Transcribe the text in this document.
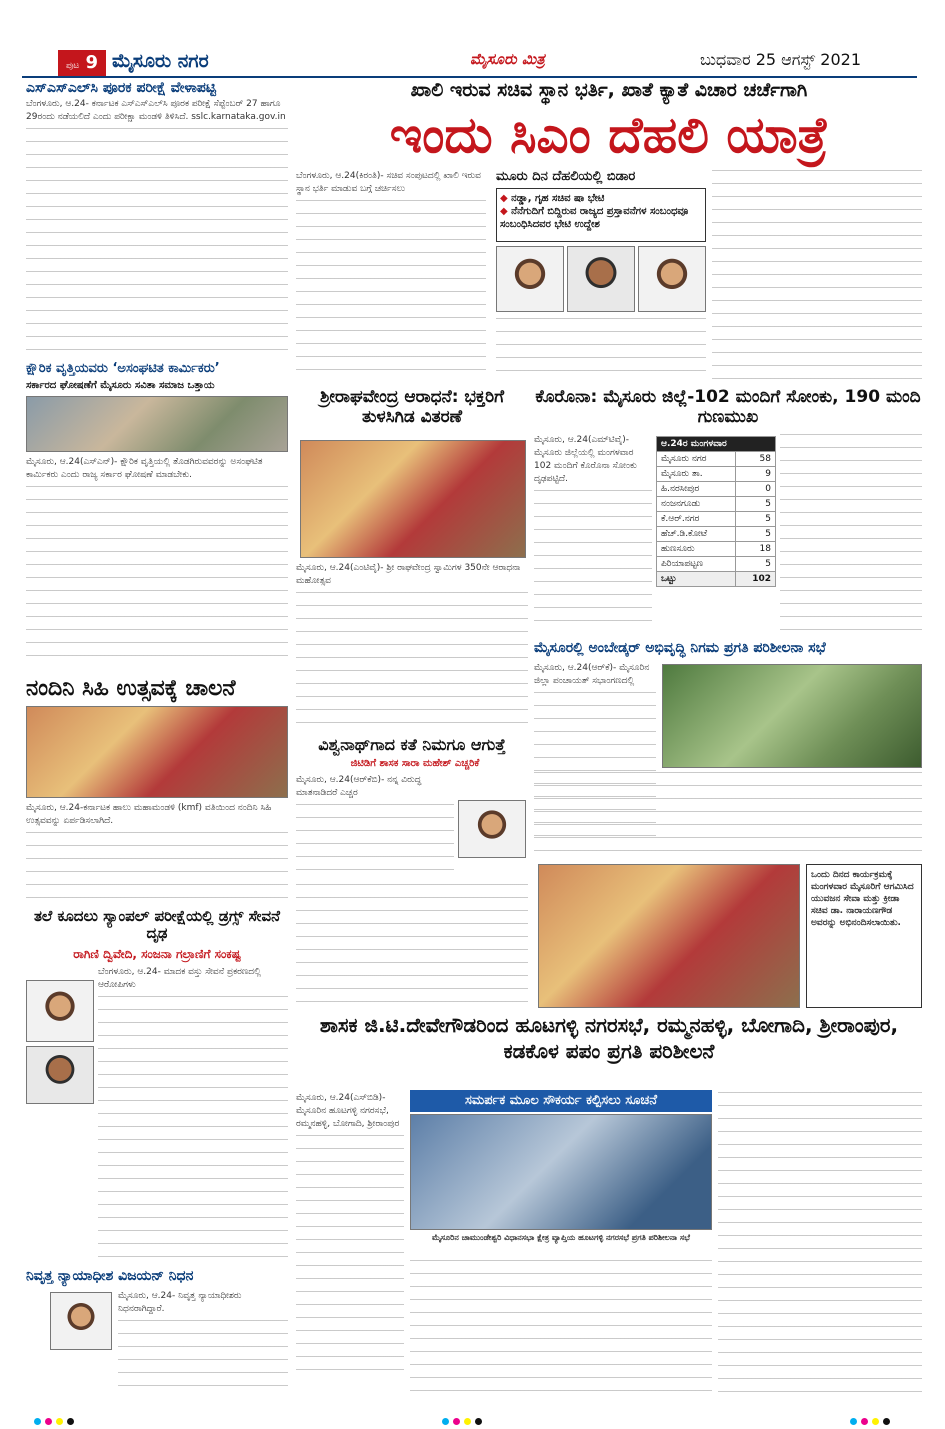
ಪುಟ 9 ಮೈಸೂರು ನಗರ	ಮೈಸೂರು ಮಿತ್ರ	ಬುಧವಾರ 25 ಆಗಸ್ಟ್ 2021
ಎಸ್‌ಎಸ್‌ಎಲ್‌ಸಿ ಪೂರಕ ಪರೀಕ್ಷೆ ವೇಳಾಪಟ್ಟಿ
ಬೆಂಗಳೂರು, ಆ.24- ಕರ್ನಾಟಕ ಎಸ್‌ಎಸ್‌ಎಲ್‌ಸಿ ಪೂರಕ ಪರೀಕ್ಷೆ ಸೆಪ್ಟೆಂಬರ್ 27 ಹಾಗೂ 29ರಂದು ನಡೆಯಲಿದೆ ಎಂದು ಪರೀಕ್ಷಾ ಮಂಡಳಿ ತಿಳಿಸಿದೆ. sslc.karnataka.gov.in
ಕ್ಷೌರಿಕ ವೃತ್ತಿಯವರು ‘ಅಸಂಘಟಿತ ಕಾರ್ಮಿಕರು’
ಸರ್ಕಾರದ ಘೋಷಣೆಗೆ ಮೈಸೂರು ಸವಿತಾ ಸಮಾಜ ಒತ್ತಾಯ
ಮೈಸೂರು, ಆ.24(ಎಸ್‌ಎನ್)- ಕ್ಷೌರಿಕ ವೃತ್ತಿಯಲ್ಲಿ ತೊಡಗಿರುವವರನ್ನು ಅಸಂಘಟಿತ ಕಾರ್ಮಿಕರು ಎಂದು ರಾಜ್ಯ ಸರ್ಕಾರ ಘೋಷಣೆ ಮಾಡಬೇಕು.
ನಂದಿನಿ ಸಿಹಿ ಉತ್ಸವಕ್ಕೆ ಚಾಲನೆ
ಮೈಸೂರು, ಆ.24-ಕರ್ನಾಟಕ ಹಾಲು ಮಹಾಮಂಡಳಿ (kmf) ವತಿಯಿಂದ ನಂದಿನಿ ಸಿಹಿ ಉತ್ಸವವನ್ನು ಏರ್ಪಡಿಸಲಾಗಿದೆ.
ತಲೆ ಕೂದಲು ಸ್ಯಾಂಪಲ್ ಪರೀಕ್ಷೆಯಲ್ಲಿ ಡ್ರಗ್ಸ್ ಸೇವನೆ ದೃಢ
ರಾಗಿಣಿ ದ್ವಿವೇದಿ, ಸಂಜನಾ ಗಲ್ರಾಣಿಗೆ ಸಂಕಷ್ಟ
ಬೆಂಗಳೂರು, ಆ.24- ಮಾದಕ ವಸ್ತು ಸೇವನೆ ಪ್ರಕರಣದಲ್ಲಿ ಆರೋಪಿಗಳು
ನಿವೃತ್ತ ನ್ಯಾಯಾಧೀಶ ವಿಜಯನ್ ನಿಧನ
ಮೈಸೂರು, ಆ.24- ನಿವೃತ್ತ ನ್ಯಾಯಾಧೀಶರು ನಿಧನರಾಗಿದ್ದಾರೆ.
ಖಾಲಿ ಇರುವ ಸಚಿವ ಸ್ಥಾನ ಭರ್ತಿ, ಖಾತೆ ಕ್ಯಾತೆ ವಿಚಾರ ಚರ್ಚೆಗಾಗಿ
ಇಂದು ಸಿಎಂ ದೆಹಲಿ ಯಾತ್ರೆ
ಬೆಂಗಳೂರು, ಆ.24(ಕಿರಂತಿ)- ಸಚಿವ ಸಂಪುಟದಲ್ಲಿ ಖಾಲಿ ಇರುವ ಸ್ಥಾನ ಭರ್ತಿ ಮಾಡುವ ಬಗ್ಗೆ ಚರ್ಚಿಸಲು
ಮೂರು ದಿನ ದೆಹಲಿಯಲ್ಲಿ ಬಿಡಾರ
◆ ನಡ್ಡಾ, ಗೃಹ ಸಚಿವ ಷಾ ಭೇಟಿ
◆ ನೆನೆಗುದಿಗೆ ಬಿದ್ದಿರುವ ರಾಜ್ಯದ ಪ್ರಸ್ತಾವನೆಗಳ ಸಂಬಂಧವೂ ಸಂಬಂಧಿಸಿದವರ ಭೇಟಿ ಉದ್ದೇಶ
ಶ್ರೀರಾಘವೇಂದ್ರ ಆರಾಧನೆ: ಭಕ್ತರಿಗೆ ತುಳಸಿಗಿಡ ವಿತರಣೆ
ಮೈಸೂರು, ಆ.24(ಎಂಟಿವೈ)- ಶ್ರೀ ರಾಘವೇಂದ್ರ ಸ್ವಾಮಿಗಳ 350ನೇ ಆರಾಧನಾ ಮಹೋತ್ಸವ
ವಿಶ್ವನಾಥ್‌ಗಾದ ಕತೆ ನಿಮಗೂ ಆಗುತ್ತೆ
ಜಿಟಿಡಿಗೆ ಶಾಸಕ ಸಾರಾ ಮಹೇಶ್ ಎಚ್ಚರಿಕೆ
ಮೈಸೂರು, ಆ.24(ಆರ್‌ಕೆಬಿ)- ನನ್ನ ವಿರುದ್ಧ ಮಾತನಾಡಿದರೆ ಎಚ್ಚರ
ಕೊರೊನಾ: ಮೈಸೂರು ಜಿಲ್ಲೆ-102 ಮಂದಿಗೆ ಸೋಂಕು, 190 ಮಂದಿ ಗುಣಮುಖ
ಮೈಸೂರು, ಆ.24(ಎಮ್‌ಟಿವೈ)- ಮೈಸೂರು ಜಿಲ್ಲೆಯಲ್ಲಿ ಮಂಗಳವಾರ 102 ಮಂದಿಗೆ ಕೊರೊನಾ ಸೋಂಕು ದೃಢಪಟ್ಟಿದೆ.
ಆ.24ರ ಮಂಗಳವಾರ	
ಮೈಸೂರು ನಗರ	58
ಮೈಸೂರು ತಾ.	9
ಹಿ.ನರಸೀಪುರ	0
ನಂಜನಗೂಡು	5
ಕೆ.ಆರ್.ನಗರ	5
ಹೆಚ್.ಡಿ.ಕೋಟೆ	5
ಹುಣಸೂರು	18
ಪಿರಿಯಾಪಟ್ಟಣ	5
ಒಟ್ಟು	102
ಮೈಸೂರಲ್ಲಿ ಅಂಬೇಡ್ಕರ್ ಅಭಿವೃದ್ಧಿ ನಿಗಮ ಪ್ರಗತಿ ಪರಿಶೀಲನಾ ಸಭೆ
ಮೈಸೂರು, ಆ.24(ಆರ್‌ಕೆ)- ಮೈಸೂರಿನ ಜಿಲ್ಲಾ ಪಂಚಾಯತ್ ಸಭಾಂಗಣದಲ್ಲಿ
ಒಂದು ದಿನದ ಕಾರ್ಯಕ್ರಮಕ್ಕೆ ಮಂಗಳವಾರ ಮೈಸೂರಿಗೆ ಆಗಮಿಸಿದ ಯುವಜನ ಸೇವಾ ಮತ್ತು ಕ್ರೀಡಾ ಸಚಿವ ಡಾ. ನಾರಾಯಣಗೌಡ ಅವರನ್ನು ಅಭಿನಂದಿಸಲಾಯಿತು.
ಶಾಸಕ ಜಿ.ಟಿ.ದೇವೇಗೌಡರಿಂದ ಹೂಟಗಳ್ಳಿ ನಗರಸಭೆ, ರಮ್ಮನಹಳ್ಳಿ, ಬೋಗಾದಿ, ಶ್ರೀರಾಂಪುರ, ಕಡಕೊಳ ಪಪಂ ಪ್ರಗತಿ ಪರಿಶೀಲನೆ
ಮೈಸೂರು, ಆ.24(ಎಸ್‌ಬಿಡಿ)- ಮೈಸೂರಿನ ಹೂಟಗಳ್ಳಿ ನಗರಸಭೆ, ರಮ್ಮನಹಳ್ಳಿ, ಬೋಗಾದಿ, ಶ್ರೀರಾಂಪುರ
ಸಮರ್ಪಕ ಮೂಲ ಸೌಕರ್ಯ ಕಲ್ಪಿಸಲು ಸೂಚನೆ
ಮೈಸೂರಿನ ಚಾಮುಂಡೇಶ್ವರಿ ವಿಧಾನಸಭಾ ಕ್ಷೇತ್ರ ವ್ಯಾಪ್ತಿಯ ಹೂಟಗಳ್ಳಿ ನಗರಸಭೆ ಪ್ರಗತಿ ಪರಿಶೀಲನಾ ಸಭೆ
